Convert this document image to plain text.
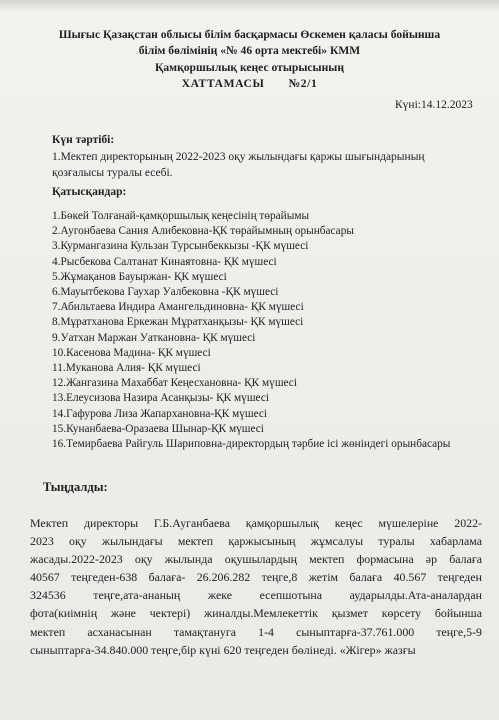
Шығыс Қазақстан облысы білім басқармасы Өскемен қаласы бойынша
білім бөлімінің «№ 46 орта мектебі» КММ
Қамқоршылық кеңес отырысының
ХАТТАМАСЫ №2/1
Күні:14.12.2023
Күн тәртібі:
1.Мектеп директорының 2022-2023 оқу жылындағы қаржы шығындарының
қозғалысы туралы есебі.
Қатысқандар:
1.Бөкей Толғанай-қамқоршылық кеңесінің төрайымы
2.Аугонбаева Сания Алибековна-ҚК төрайымның орынбасары
3.Курмангазина Кульзан Турсынбеккызы -ҚК мүшесі
4.Рысбекова Салтанат Кинаятовна- ҚК мүшесі
5.Жұмақанов Бауыржан- ҚК мүшесі
6.Мауытбекова Гаухар Уалбековна -ҚК мүшесі
7.Абильтаева Индира Амангельдиновна- ҚК мүшесі
8.Мұратханова Еркежан Мұратханқызы- ҚК мүшесі
9.Уатхан Маржан Уаткановна- ҚК мүшесі
10.Касенова Мадина- ҚК мүшесі
11.Муканова Алия- ҚК мүшесі
12.Жангазина Махаббат Кеңесхановна- ҚК мүшесі
13.Елеусизова Назира Асанқызы- ҚК мүшесі
14.Гафурова Лиза Жапархановна-ҚК мүшесі
15.Кунанбаева-Оразаева Шынар-ҚК мүшесі
16.Темирбаева Райгуль Шариповна-директордың тәрбие ісі жөніндегі орынбасары
Тыңдалды:
Мектеп директоры Г.Б.Ауганбаева қамқоршылық кеңес мүшелеріне 2022-
2023 оқу жылындағы мектеп қаржысының жұмсалуы туралы хабарлама
жасады.2022-2023 оқу жылында оқушылардың мектеп формасына әр балаға
40567 теңгеден-638 балаға- 26.206.282 теңге,8 жетім балаға 40.567 теңгеден
324536 теңге,ата-ананың жеке есепшотына аударылды.Ата-аналардан
фота(киімнің және чектері) жиналды.Мемлекеттік қызмет көрсету бойынша
мектеп асханасынан тамақтануга 1-4 сыныптарға-37.761.000 теңге,5-9
сыныптарға-34.840.000 теңге,бір күні 620 теңгеден бөлінеді. «Жігер» жазғы
